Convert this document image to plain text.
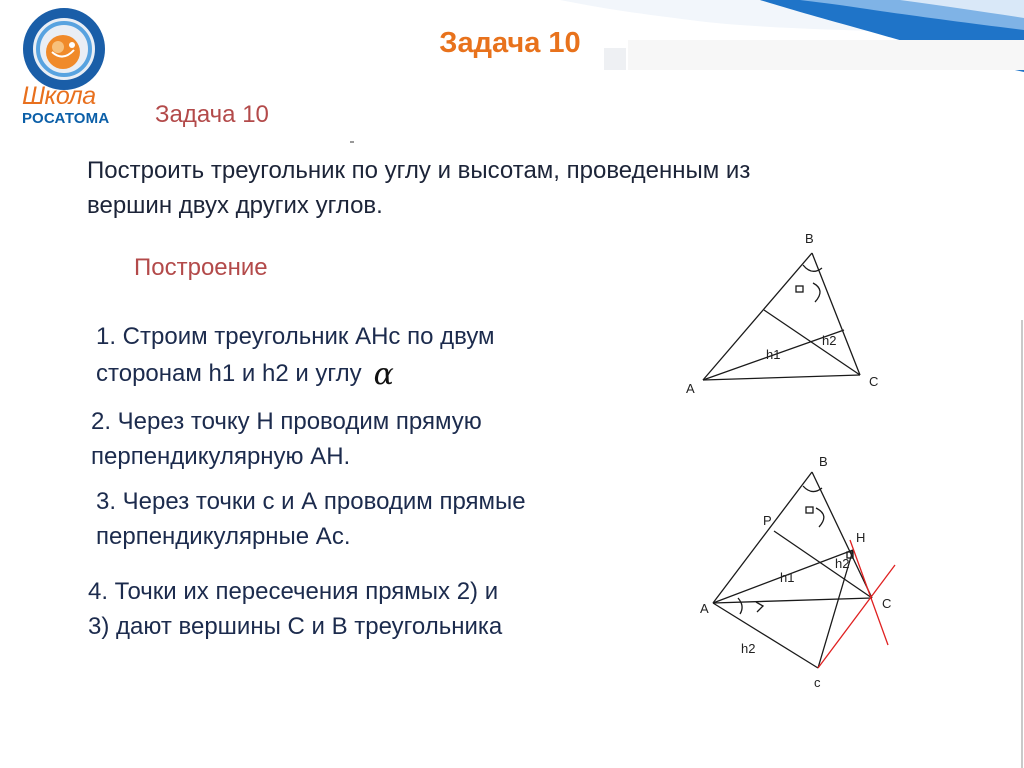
Школа
РОСАТОМА
Задача 10
Задача 10
Построить треугольник по углу и высотам, проведенным из
вершин двух других углов.
Построение
1. Строим треугольник АНс по двум
сторонам h1 и h2 и углу α
2. Через точку Н проводим прямую
перпендикулярную АН.
3. Через точки с и А проводим прямые
перпендикулярные Ас.
4. Точки их пересечения прямых 2) и
3) дают вершины С и В треугольника
B
A	C
h1
h2
B
P
H
h2
h1
A	C
h2
c
